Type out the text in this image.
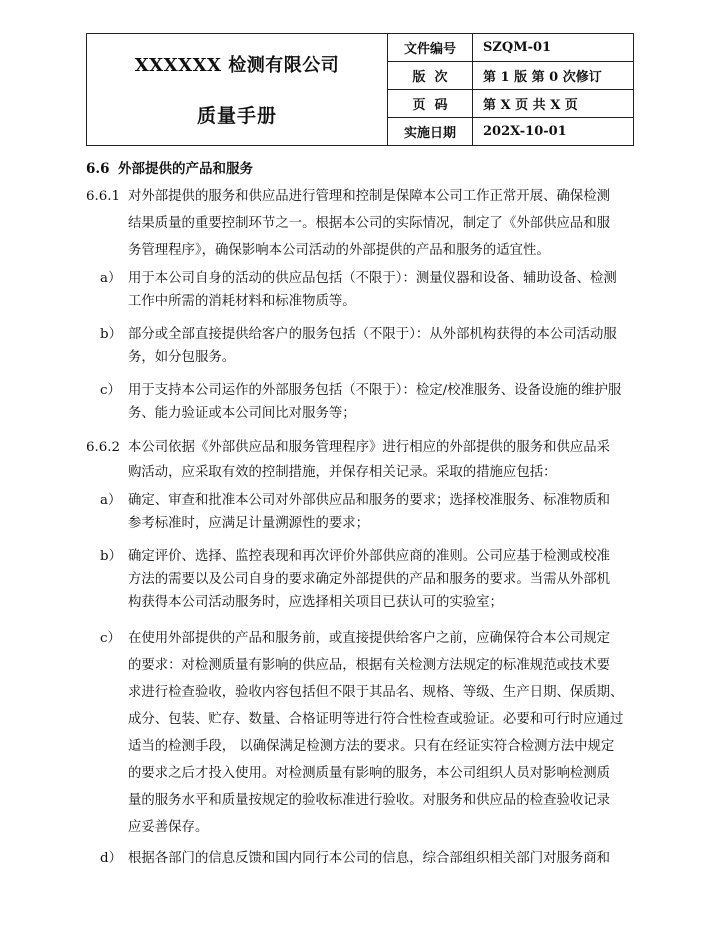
XXXXXX 检测有限公司
质量手册	文件编号	SZQM-01
	版  次	第 1 版 第 0 次修订
	页  码	第 X 页 共 X 页
	实施日期	202X-10-01
6.6 外部提供的产品和服务
6.6.1 对外部提供的服务和供应品进行管理和控制是保障本公司工作正常开展、确保检测
结果质量的重要控制环节之一。根据本公司的实际情况，制定了《外部供应品和服
务管理程序》，确保影响本公司活动的外部提供的产品和服务的适宜性。
a） 用于本公司自身的活动的供应品包括（不限于）：测量仪器和设备、辅助设备、检测
工作中所需的消耗材料和标准物质等。
b） 部分或全部直接提供给客户的服务包括（不限于）：从外部机构获得的本公司活动服
务，如分包服务。
c） 用于支持本公司运作的外部服务包括（不限于）：检定/校准服务、设备设施的维护服
务、能力验证或本公司间比对服务等；
6.6.2 本公司依据《外部供应品和服务管理程序》进行相应的外部提供的服务和供应品采
购活动，应采取有效的控制措施，并保存相关记录。采取的措施应包括：
a） 确定、审查和批准本公司对外部供应品和服务的要求；选择校准服务、标准物质和
参考标准时，应满足计量溯源性的要求；
b） 确定评价、选择、监控表现和再次评价外部供应商的准则。公司应基于检测或校准
方法的需要以及公司自身的要求确定外部提供的产品和服务的要求。当需从外部机
构获得本公司活动服务时，应选择相关项目已获认可的实验室；
c） 在使用外部提供的产品和服务前，或直接提供给客户之前，应确保符合本公司规定
的要求：对检测质量有影响的供应品，根据有关检测方法规定的标准规范或技术要
求进行检查验收，验收内容包括但不限于其品名、规格、等级、生产日期、保质期、
成分、包装、贮存、数量、合格证明等进行符合性检查或验证。必要和可行时应通过
适当的检测手段， 以确保满足检测方法的要求。只有在经证实符合检测方法中规定
的要求之后才投入使用。对检测质量有影响的服务，本公司组织人员对影响检测质
量的服务水平和质量按规定的验收标准进行验收。对服务和供应品的检查验收记录
应妥善保存。
d） 根据各部门的信息反馈和国内同行本公司的信息，综合部组织相关部门对服务商和
